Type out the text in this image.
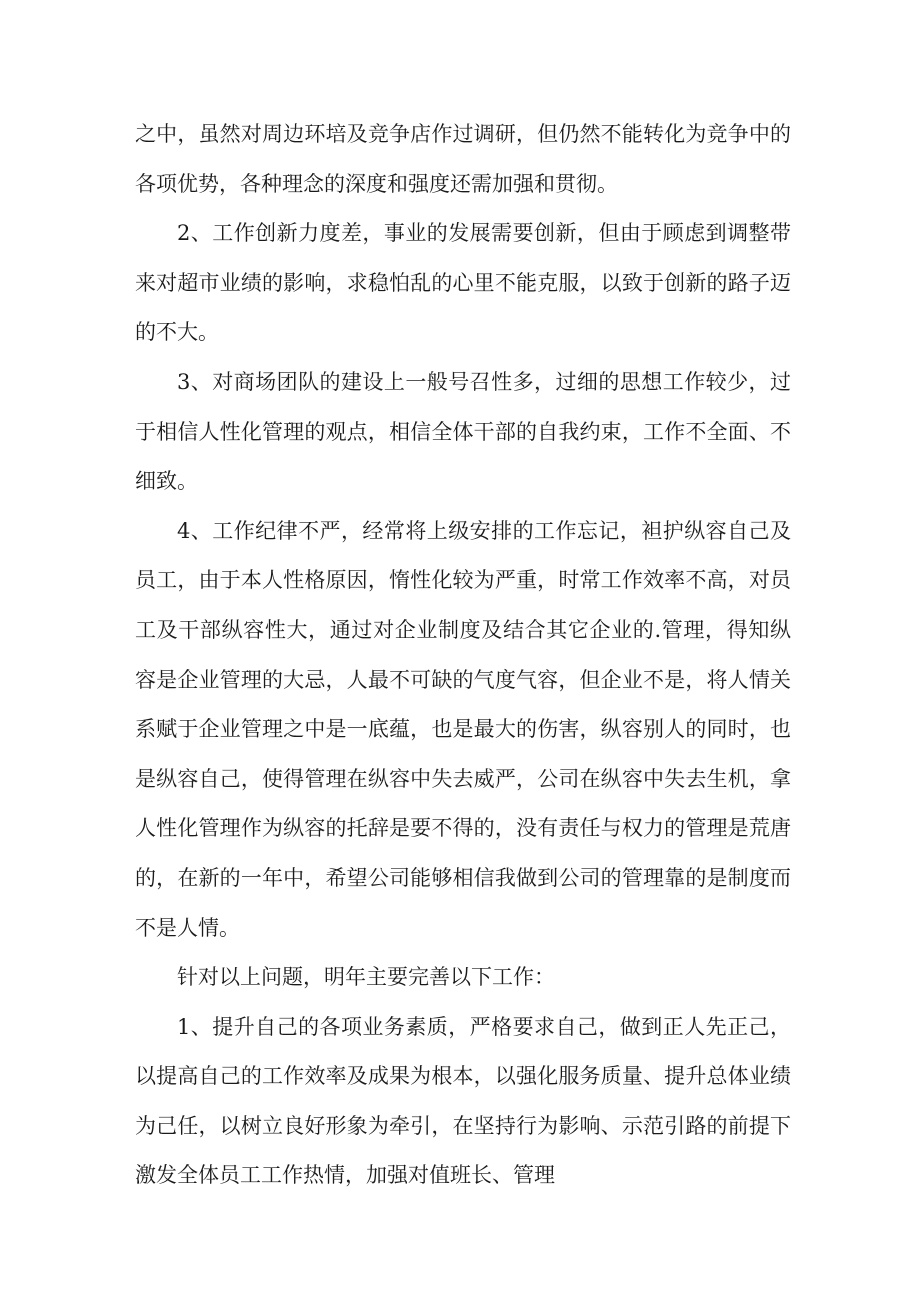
之中，虽然对周边环培及竞争店作过调研，但仍然不能转化为竞争中的各项优势，各种理念的深度和强度还需加强和贯彻。

2、工作创新力度差，事业的发展需要创新，但由于顾虑到调整带来对超市业绩的影响，求稳怕乱的心里不能克服，以致于创新的路子迈的不大。

3、对商场团队的建设上一般号召性多，过细的思想工作较少，过于相信人性化管理的观点，相信全体干部的自我约束，工作不全面、不细致。

4、工作纪律不严，经常将上级安排的工作忘记，袒护纵容自己及员工，由于本人性格原因，惰性化较为严重，时常工作效率不高，对员工及干部纵容性大，通过对企业制度及结合其它企业的.管理，得知纵容是企业管理的大忌，人最不可缺的气度气容，但企业不是，将人情关系赋于企业管理之中是一底蕴，也是最大的伤害，纵容别人的同时，也是纵容自己，使得管理在纵容中失去威严，公司在纵容中失去生机，拿人性化管理作为纵容的托辞是要不得的，没有责任与权力的管理是荒唐的，在新的一年中，希望公司能够相信我做到公司的管理靠的是制度而不是人情。

针对以上问题，明年主要完善以下工作：

1、提升自己的各项业务素质，严格要求自己，做到正人先正己，以提高自己的工作效率及成果为根本，以强化服务质量、提升总体业绩为己任，以树立良好形象为牵引，在坚持行为影响、示范引路的前提下激发全体员工工作热情，加强对值班长、管理
